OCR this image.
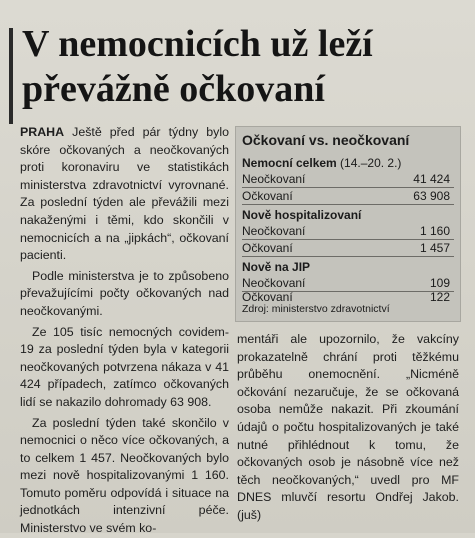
V nemocnicích už leží
převážně očkovaní

PRAHA Ještě před pár týdny bylo skóre očkovaných a neočkovaných proti koronaviru ve statistikách ministerstva zdravotnictví vyrovnané. Za poslední týden ale převážili mezi nakaženými i těmi, kdo skončili v nemocnicích a na „jipkách“, očkovaní pacienti.

Podle ministerstva je to způsobeno převažujícími počty očkovaných nad neočkovanými.

Ze 105 tisíc nemocných covidem-19 za poslední týden byla v kategorii neočkovaných potvrzena nákaza v 41 424 případech, zatímco očkovaných lidí se nakazilo dohromady 63 908.

Za poslední týden také skončilo v nemocnici o něco více očkovaných, a to celkem 1 457. Neočkovaných bylo mezi nově hospitalizovanými 1 160. Tomuto poměru odpovídá i situace na jednotkách intenzivní péče. Ministerstvo ve svém ko-

Očkovaní vs. neočkovaní
Nemocní celkem (14.–20. 2.)
Neočkovaní	41 424
Očkovaní	63 908
Nově hospitalizovaní
Neočkovaní	1 160
Očkovaní	1 457
Nově na JIP
Neočkovaní	109
Očkovaní	122
Zdroj: ministerstvo zdravotnictví

mentáři ale upozornilo, že vakcíny prokazatelně chrání proti těžkému průběhu onemocnění. „Nicméně očkování nezaručuje, že se očkovaná osoba nemůže nakazit. Při zkoumání údajů o počtu hospitalizovaných je také nutné přihlédnout k tomu, že očkovaných osob je násobně více než těch neočkovaných,“ uvedl pro MF DNES mluvčí resortu Ondřej Jakob. (juš)
